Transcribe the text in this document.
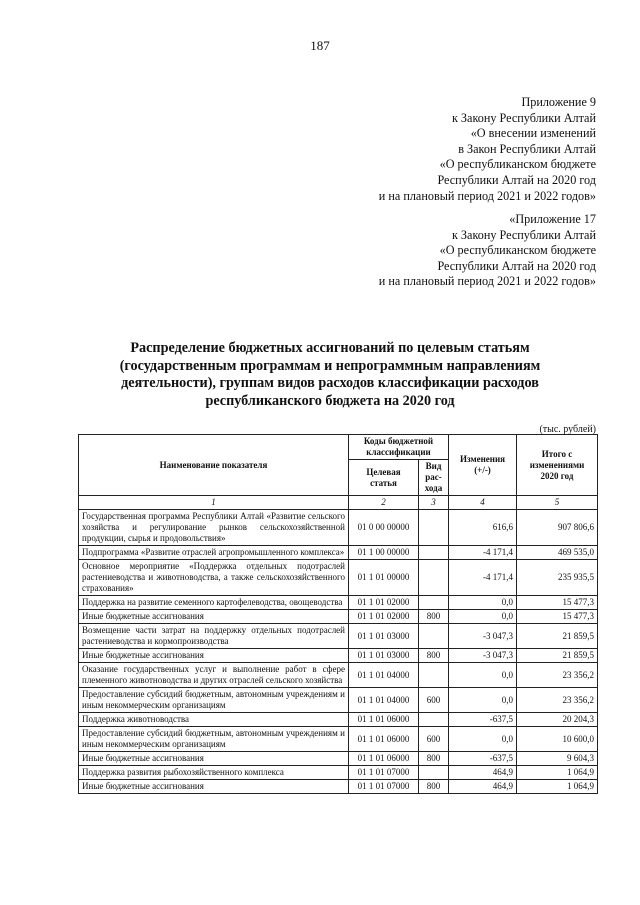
187
Приложение 9
к Закону Республики Алтай
«О внесении изменений
в Закон Республики Алтай
«О республиканском бюджете
Республики Алтай на 2020 год
и на плановый период 2021 и 2022 годов»
«Приложение 17
к Закону Республики Алтай
«О республиканском бюджете
Республики Алтай на 2020 год
и на плановый период 2021 и 2022 годов»
Распределение бюджетных ассигнований по целевым статьям
(государственным программам и непрограммным направлениям
деятельности), группам видов расходов классификации расходов
республиканского бюджета на 2020 год
(тыс. рублей)
Наименование показателя	Коды бюджетной классификации		Изменения (+/-)	Итого с изменениями 2020 год
	Целевая статья	Вид рас-хода		
1	2	3	4	5
Государственная программа Республики Алтай «Развитие сельского хозяйства и регулирование рынков сельскохозяйственной продукции, сырья и продовольствия»	01 0 00 00000		616,6	907 806,6
Подпрограмма «Развитие отраслей агропромышленного комплекса»	01 1 00 00000		-4 171,4	469 535,0
Основное мероприятие «Поддержка отдельных подотраслей растениеводства и животноводства, а также сельскохозяйственного страхования»	01 1 01 00000		-4 171,4	235 935,5
Поддержка на развитие семенного картофелеводства, овощеводства	01 1 01 02000		0,0	15 477,3
Иные бюджетные ассигнования	01 1 01 02000	800	0,0	15 477,3
Возмещение части затрат на поддержку отдельных подотраслей растениеводства и кормопроизводства	01 1 01 03000		-3 047,3	21 859,5
Иные бюджетные ассигнования	01 1 01 03000	800	-3 047,3	21 859,5
Оказание государственных услуг и выполнение работ в сфере племенного животноводства и других отраслей сельского хозяйства	01 1 01 04000		0,0	23 356,2
Предоставление субсидий бюджетным, автономным учреждениям и иным некоммерческим организациям	01 1 01 04000	600	0,0	23 356,2
Поддержка животноводства	01 1 01 06000		-637,5	20 204,3
Предоставление субсидий бюджетным, автономным учреждениям и иным некоммерческим организациям	01 1 01 06000	600	0,0	10 600,0
Иные бюджетные ассигнования	01 1 01 06000	800	-637,5	9 604,3
Поддержка развития рыбохозяйственного комплекса	01 1 01 07000		464,9	1 064,9
Иные бюджетные ассигнования	01 1 01 07000	800	464,9	1 064,9
